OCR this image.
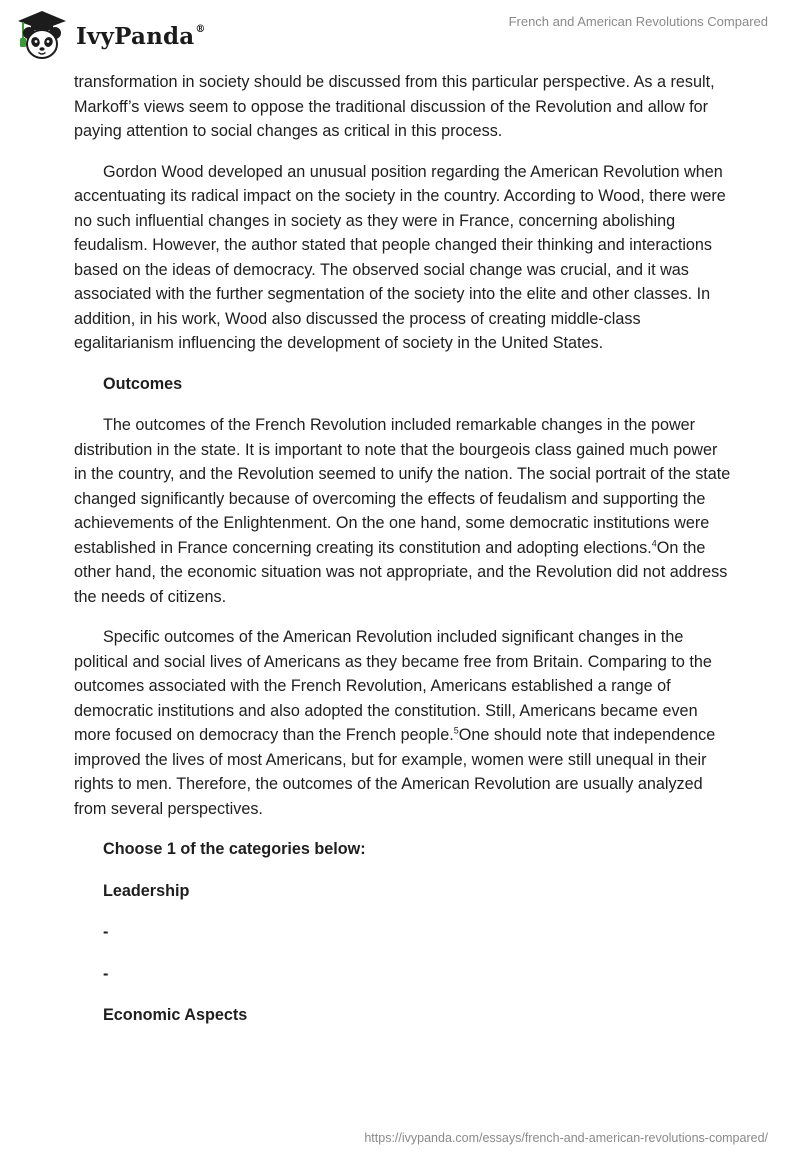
IvyPanda®
French and American Revolutions Compared

transformation in society should be discussed from this particular perspective. As a result, Markoff’s views seem to oppose the traditional discussion of the Revolution and allow for paying attention to social changes as critical in this process.

Gordon Wood developed an unusual position regarding the American Revolution when accentuating its radical impact on the society in the country. According to Wood, there were no such influential changes in society as they were in France, concerning abolishing feudalism. However, the author stated that people changed their thinking and interactions based on the ideas of democracy. The observed social change was crucial, and it was associated with the further segmentation of the society into the elite and other classes. In addition, in his work, Wood also discussed the process of creating middle-class egalitarianism influencing the development of society in the United States.

Outcomes

The outcomes of the French Revolution included remarkable changes in the power distribution in the state. It is important to note that the bourgeois class gained much power in the country, and the Revolution seemed to unify the nation. The social portrait of the state changed significantly because of overcoming the effects of feudalism and supporting the achievements of the Enlightenment. On the one hand, some democratic institutions were established in France concerning creating its constitution and adopting elections.$^4$On the other hand, the economic situation was not appropriate, and the Revolution did not address the needs of citizens.

Specific outcomes of the American Revolution included significant changes in the political and social lives of Americans as they became free from Britain. Comparing to the outcomes associated with the French Revolution, Americans established a range of democratic institutions and also adopted the constitution. Still, Americans became even more focused on democracy than the French people.$^5$One should note that independence improved the lives of most Americans, but for example, women were still unequal in their rights to men. Therefore, the outcomes of the American Revolution are usually analyzed from several perspectives.

Choose 1 of the categories below:

Leadership

-

-

Economic Aspects

https://ivypanda.com/essays/french-and-american-revolutions-compared/
